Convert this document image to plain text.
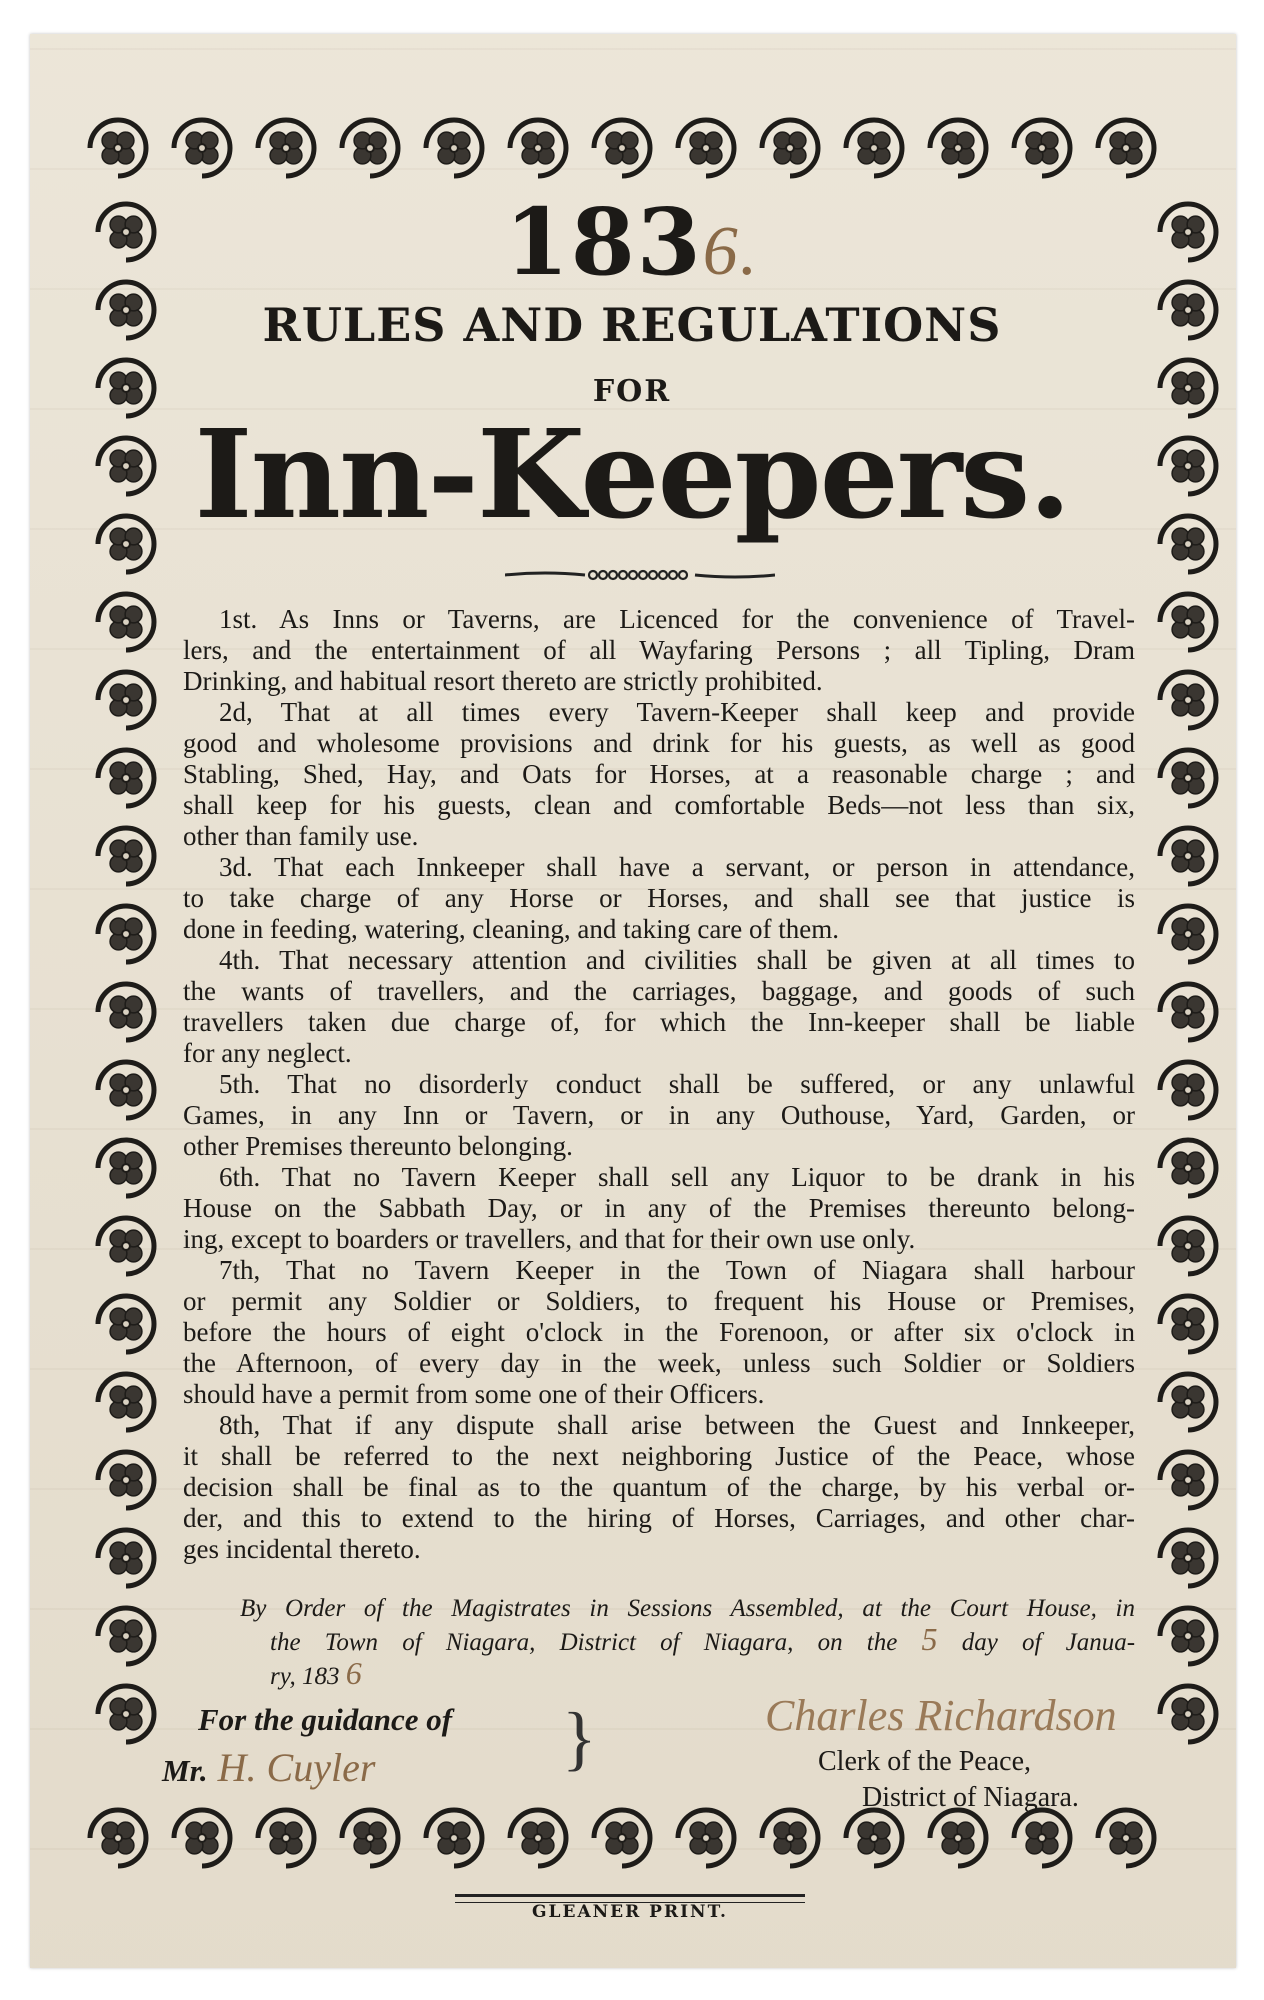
1836.
RULES AND REGULATIONS
FOR
Inn-Keepers.
1st. As Inns or Taverns, are Licenced for the convenience of Travel-
lers, and the entertainment of all Wayfaring Persons ; all Tipling, Dram
Drinking, and habitual resort thereto are strictly prohibited.
2d, That at all times every Tavern-Keeper shall keep and provide
good and wholesome provisions and drink for his guests, as well as good
Stabling, Shed, Hay, and Oats for Horses, at a reasonable charge ; and
shall keep for his guests, clean and comfortable Beds—not less than six,
other than family use.
3d. That each Innkeeper shall have a servant, or person in attendance,
to take charge of any Horse or Horses, and shall see that justice is
done in feeding, watering, cleaning, and taking care of them.
4th. That necessary attention and civilities shall be given at all times to
the wants of travellers, and the carriages, baggage, and goods of such
travellers taken due charge of, for which the Inn-keeper shall be liable
for any neglect.
5th. That no disorderly conduct shall be suffered, or any unlawful
Games, in any Inn or Tavern, or in any Outhouse, Yard, Garden, or
other Premises thereunto belonging.
6th. That no Tavern Keeper shall sell any Liquor to be drank in his
House on the Sabbath Day, or in any of the Premises thereunto belong-
ing, except to boarders or travellers, and that for their own use only.
7th, That no Tavern Keeper in the Town of Niagara shall harbour
or permit any Soldier or Soldiers, to frequent his House or Premises,
before the hours of eight o'clock in the Forenoon, or after six o'clock in
the Afternoon, of every day in the week, unless such Soldier or Soldiers
should have a permit from some one of their Officers.
8th, That if any dispute shall arise between the Guest and Innkeeper,
it shall be referred to the next neighboring Justice of the Peace, whose
decision shall be final as to the quantum of the charge, by his verbal or-
der, and this to extend to the hiring of Horses, Carriages, and other char-
ges incidental thereto.
By Order of the Magistrates in Sessions Assembled, at the Court House, in
the Town of Niagara, District of Niagara, on the 5 day of Janua-
ry, 183 6
For the guidance of
Mr. H. Cuyler	}	Charles Richardson
Clerk of the Peace,
District of Niagara.
GLEANER PRINT.
